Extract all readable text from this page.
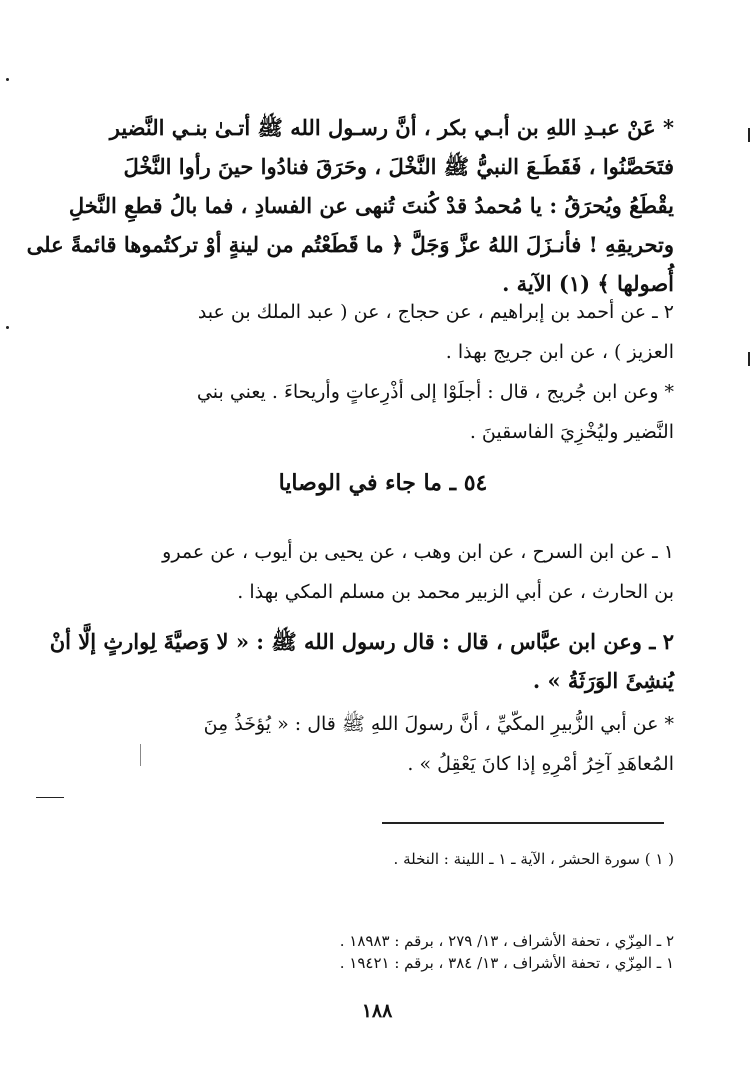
* عَنْ عبـدِ اللهِ بن أبـي بكر ، أنَّ رسـول الله ﷺ أتـىٰ بنـي النَّضير
فتَحَصَّنُوا ، فَقَطَـعَ النبيُّ ﷺ النَّخْلَ ، وحَرَقَ فنادُوا حينَ رأوا النَّخْلَ
يقْطَعُ ويُحرَقُ : يا مُحمدُ قدْ كُنتَ تُنهى عن الفسادِ ، فما بالُ قطعِ النَّخلِ
وتحريقِهِ ! فأنـزَلَ اللهُ عزَّ وَجَلَّ ﴿ ما قَطَعْتُم من لينةٍ أوْ تركتُموها قائمةً على
أُصولها ﴾ (١) الآية .
٢ ـ عن أحمد بن إبراهيم ، عن حجاج ، عن ( عبد الملك بن عبد
العزيز ) ، عن ابن جريج بهذا .
* وعن ابن جُريج ، قال : أجلَوْا إلى أذْرِعاتٍ وأريحاءَ . يعني بني
النَّضير وليُخْزِيَ الفاسقينَ .
٥٤ ـ ما جاء في الوصايا
١ ـ عن ابن السرح ، عن ابن وهب ، عن يحيى بن أيوب ، عن عمرو
بن الحارث ، عن أبي الزبير محمد بن مسلم المكي بهذا .
٢ ـ وعن ابن عبَّاس ، قال : قال رسول الله ﷺ : « لا وَصيَّةَ لِوارثٍ إلَّا أنْ
يُنشِئَ الوَرَثَةُ » .
* عن أبي الزُّبيرِ المكّيِّ ، أنَّ رسولَ اللهِ ﷺ قال : « يُؤخَذُ مِنَ
المُعاهَدِ آخِرُ أمْرِهِ إذا كانَ يَعْقِلُ » .
( ١ ) سورة الحشر ، الآية ـ ١ ـ اللينة : النخلة .
٢ ـ المِزّي ، تحفة الأشراف ، ١٣/ ٢٧٩ ، برقم : ١٨٩٨٣ .
١ ـ المِزّي ، تحفة الأشراف ، ١٣/ ٣٨٤ ، برقم : ١٩٤٢١ .
١٨٨
